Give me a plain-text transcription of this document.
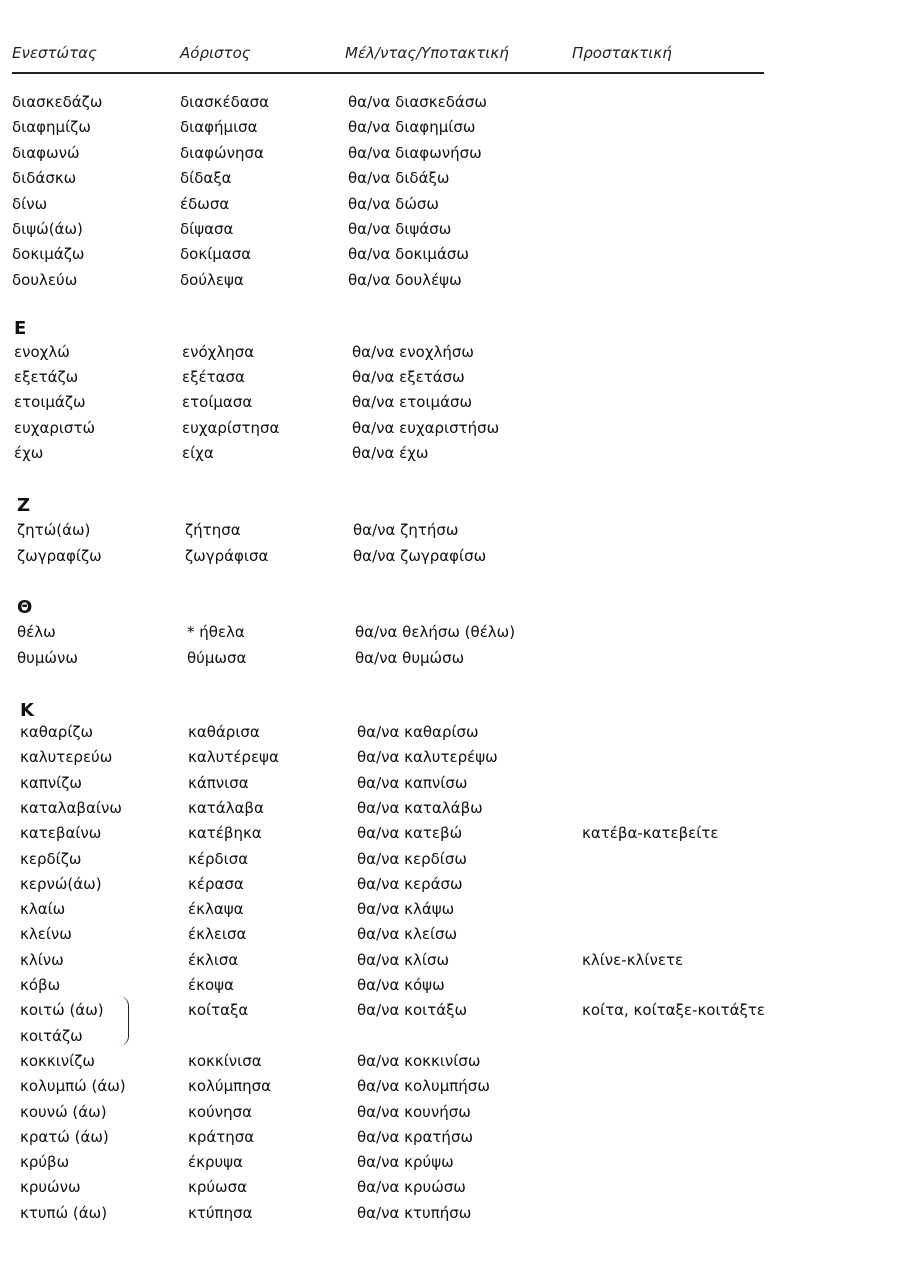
Ενεστώτας	Αόριστος	Μέλ/ντας/Υποτακτική	Προστακτική
διασκεδάζω	διασκέδασα	θα/να διασκεδάσω
διαφημίζω	διαφήμισα	θα/να διαφημίσω
διαφωνώ	διαφώνησα	θα/να διαφωνήσω
διδάσκω	δίδαξα	θα/να διδάξω
δίνω	έδωσα	θα/να δώσω
διψώ(άω)	δίψασα	θα/να διψάσω
δοκιμάζω	δοκίμασα	θα/να δοκιμάσω
δουλεύω	δούλεψα	θα/να δουλέψω
Ε
ενοχλώ	ενόχλησα	θα/να ενοχλήσω
εξετάζω	εξέτασα	θα/να εξετάσω
ετοιμάζω	ετοίμασα	θα/να ετοιμάσω
ευχαριστώ	ευχαρίστησα	θα/να ευχαριστήσω
έχω	είχα	θα/να έχω
Ζ
ζητώ(άω)	ζήτησα	θα/να ζητήσω
ζωγραφίζω	ζωγράφισα	θα/να ζωγραφίσω
Θ
θέλω	* ήθελα	θα/να θελήσω (θέλω)
θυμώνω	θύμωσα	θα/να θυμώσω
Κ
καθαρίζω	καθάρισα	θα/να καθαρίσω
καλυτερεύω	καλυτέρεψα	θα/να καλυτερέψω
καπνίζω	κάπνισα	θα/να καπνίσω
καταλαβαίνω	κατάλαβα	θα/να καταλάβω
κατεβαίνω	κατέβηκα	θα/να κατεβώ	κατέβα-κατεβείτε
κερδίζω	κέρδισα	θα/να κερδίσω
κερνώ(άω)	κέρασα	θα/να κεράσω
κλαίω	έκλαψα	θα/να κλάψω
κλείνω	έκλεισα	θα/να κλείσω
κλίνω	έκλισα	θα/να κλίσω	κλίνε-κλίνετε
κόβω	έκοψα	θα/να κόψω
κοιτώ (άω)	κοίταξα	θα/να κοιτάξω	κοίτα, κοίταξε-κοιτάξτε
κοιτάζω
κοκκινίζω	κοκκίνισα	θα/να κοκκινίσω
κολυμπώ (άω)	κολύμπησα	θα/να κολυμπήσω
κουνώ (άω)	κούνησα	θα/να κουνήσω
κρατώ (άω)	κράτησα	θα/να κρατήσω
κρύβω	έκρυψα	θα/να κρύψω
κρυώνω	κρύωσα	θα/να κρυώσω
κτυπώ (άω)	κτύπησα	θα/να κτυπήσω
